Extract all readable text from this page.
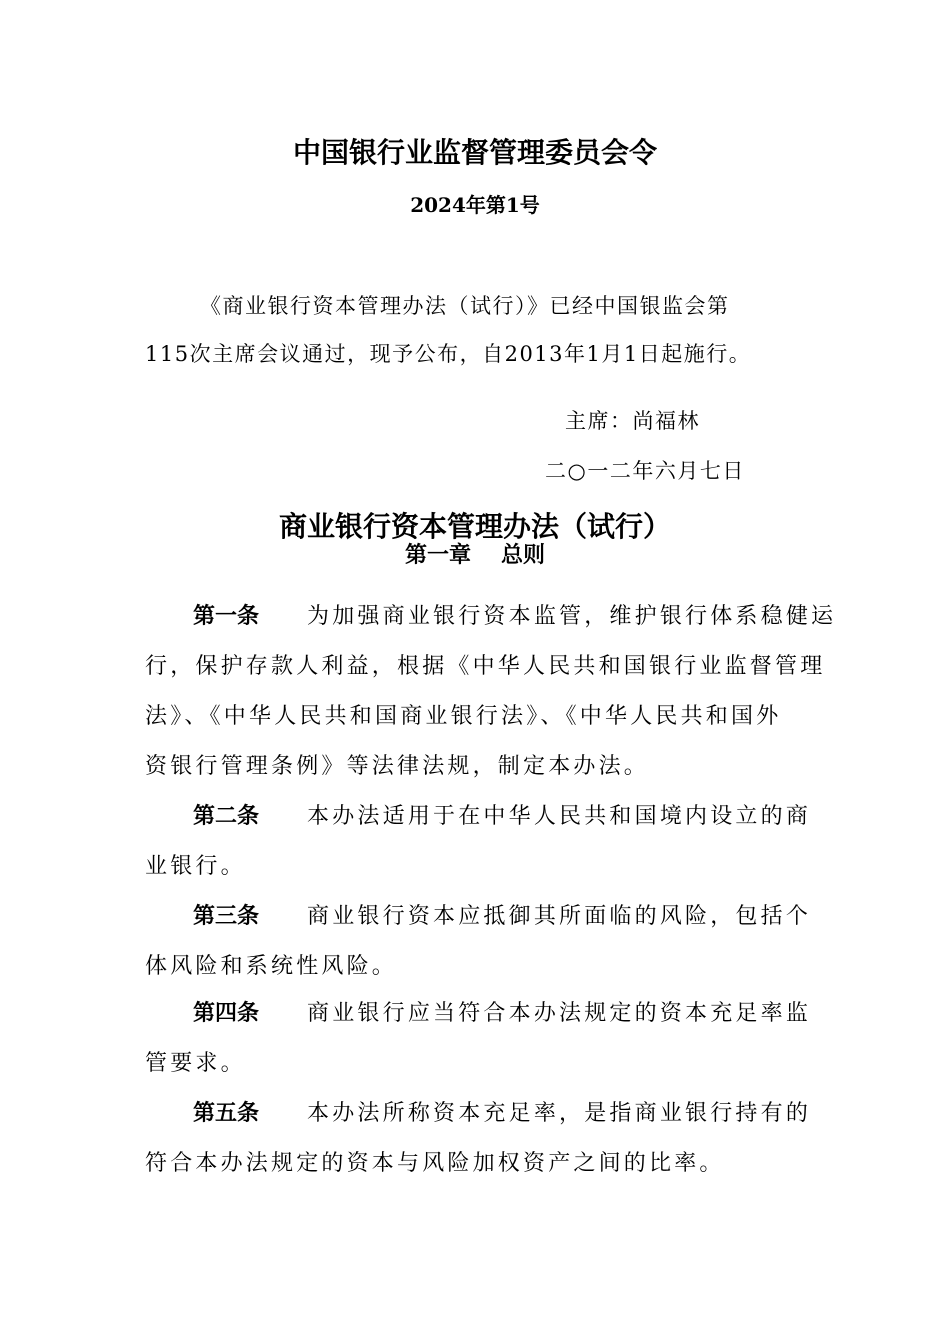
中国银行业监督管理委员会令
2024年第1号
《商业银行资本管理办法（试行）》已经中国银监会第
115次主席会议通过，现予公布，自2013年1月1日起施行。
主席：尚福林
二○一二年六月七日
商业银行资本管理办法（试行）
第一章 总则
第一条 为加强商业银行资本监管，维护银行体系稳健运
行，保护存款人利益，根据《中华人民共和国银行业监督管理
法》、《中华人民共和国商业银行法》、《中华人民共和国外
资银行管理条例》等法律法规，制定本办法。
第二条 本办法适用于在中华人民共和国境内设立的商
业银行。
第三条 商业银行资本应抵御其所面临的风险，包括个
体风险和系统性风险。
第四条 商业银行应当符合本办法规定的资本充足率监
管要求。
第五条 本办法所称资本充足率，是指商业银行持有的
符合本办法规定的资本与风险加权资产之间的比率。
